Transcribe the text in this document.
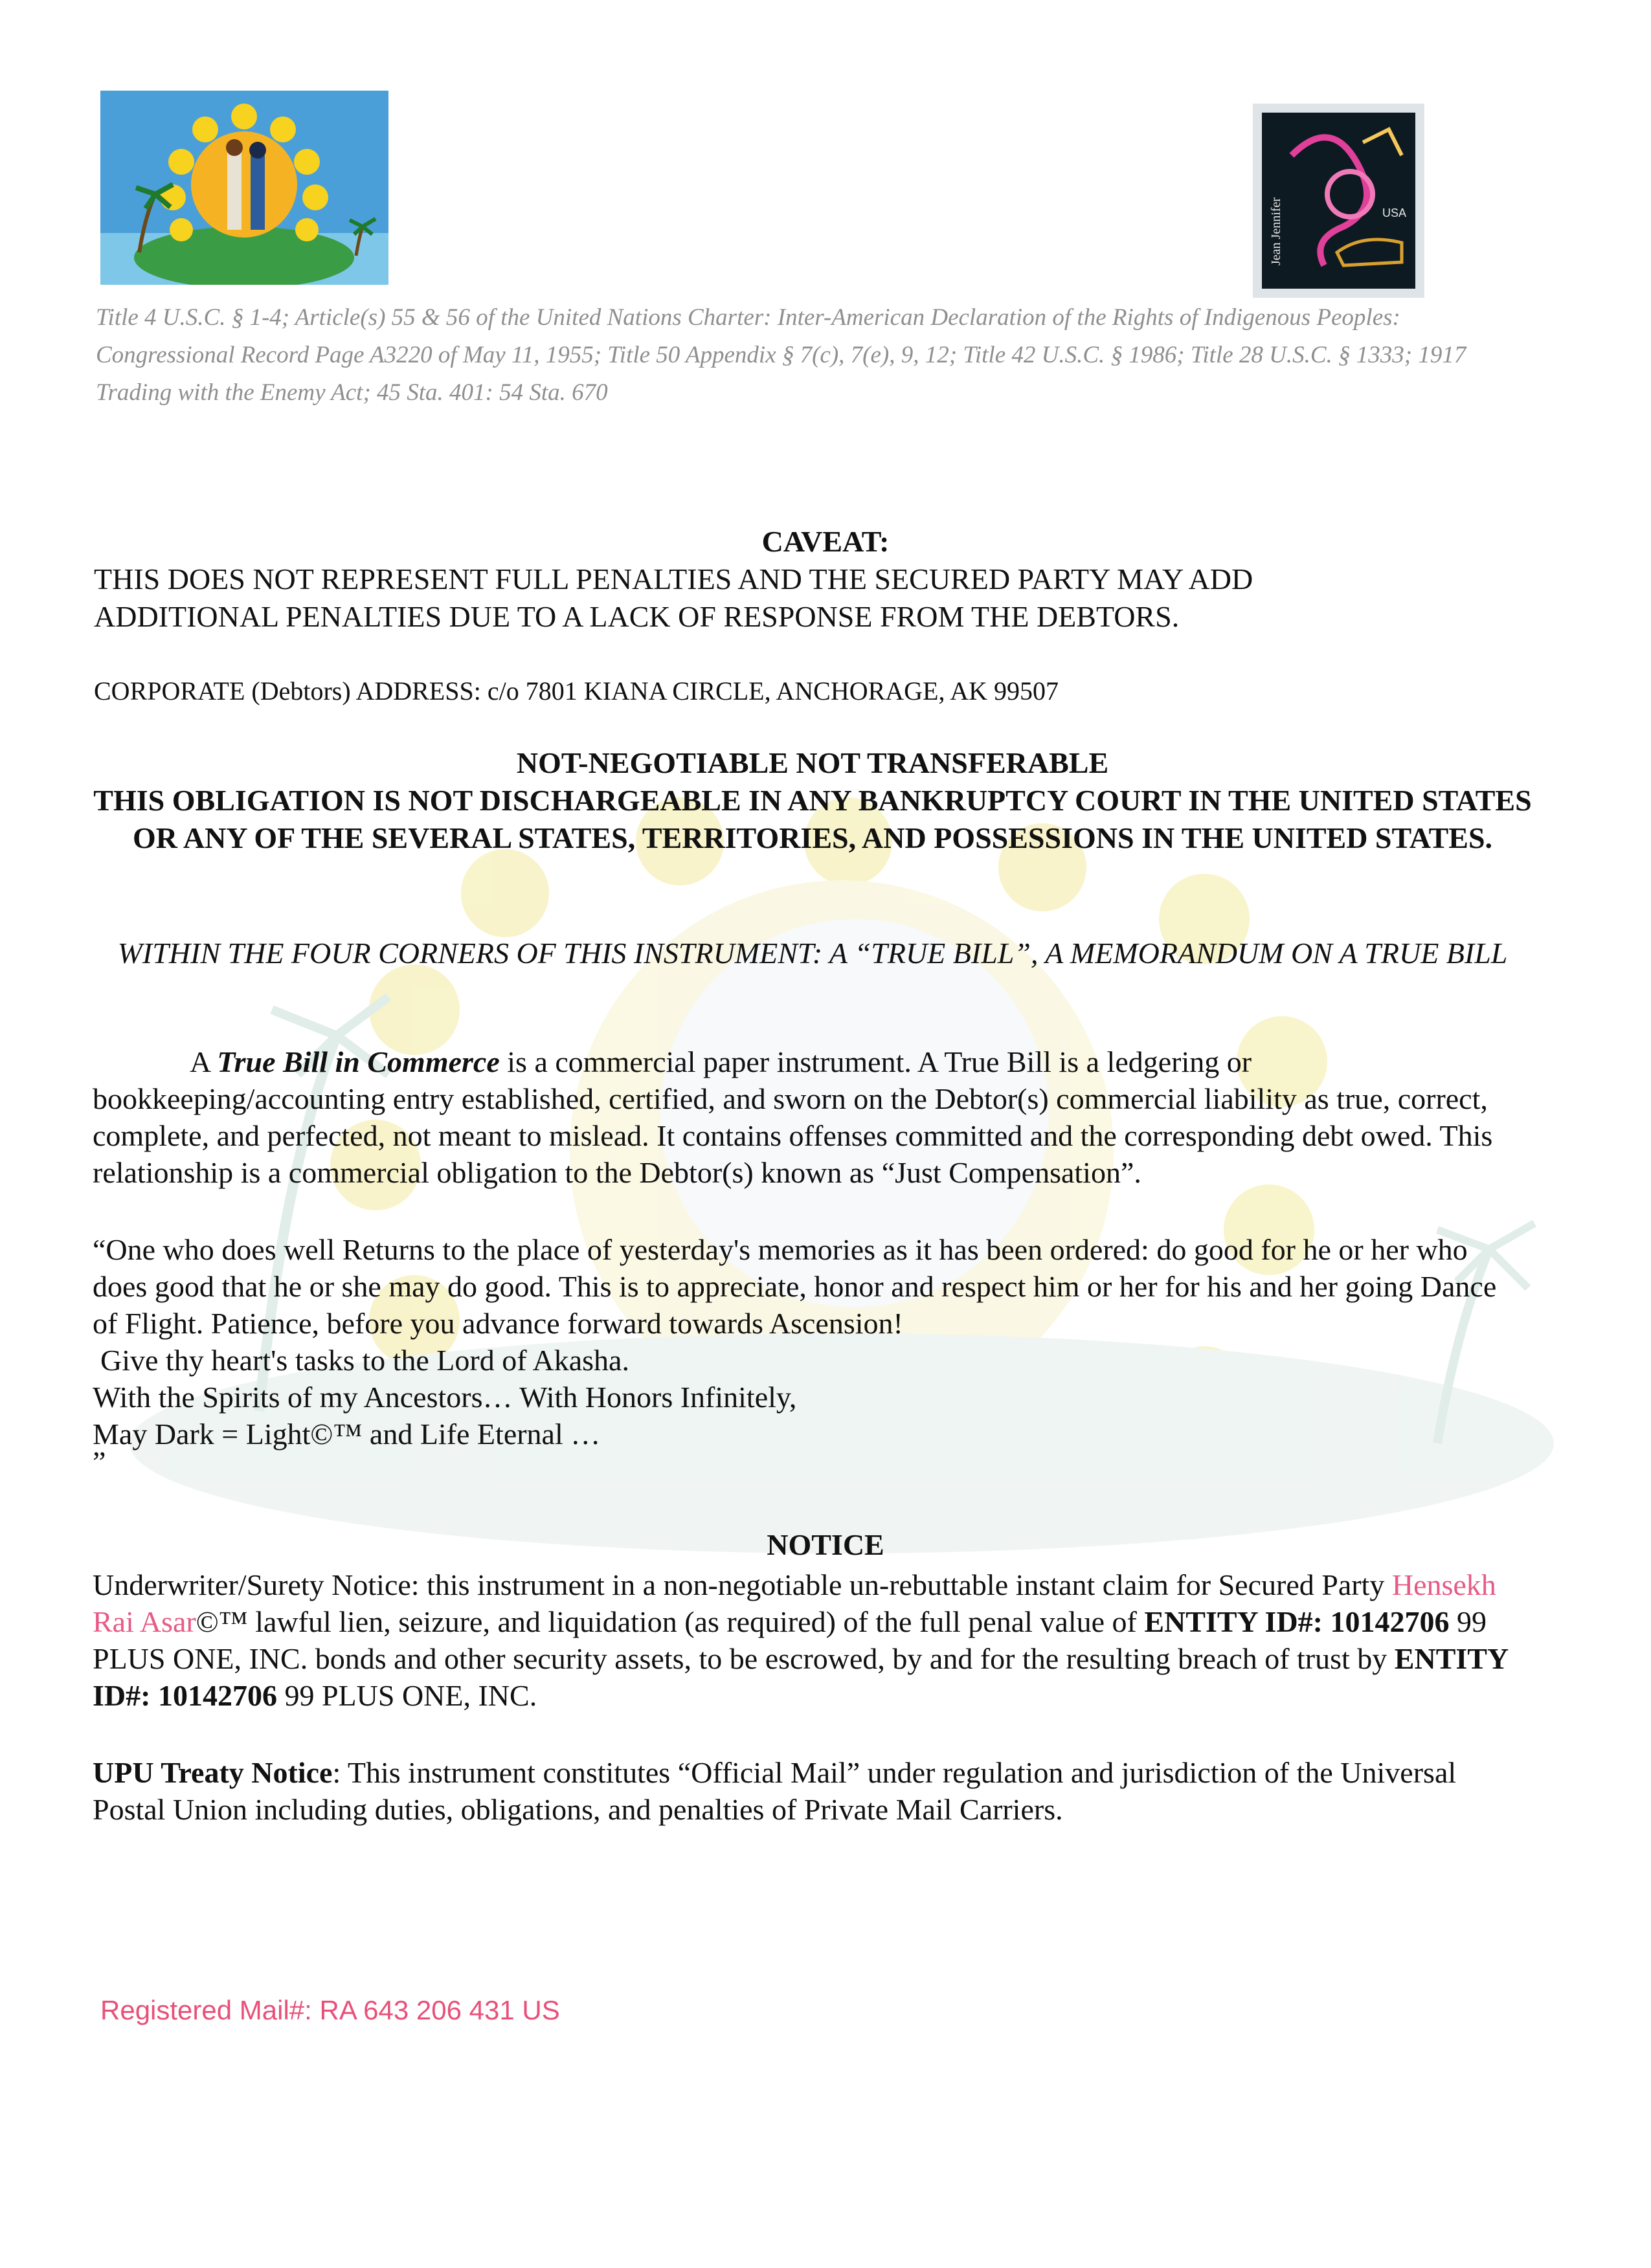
Jean Jennifer	USA
Title 4 U.S.C. § 1-4; Article(s) 55 & 56 of the United Nations Charter: Inter-American Declaration of the Rights of Indigenous Peoples: Congressional Record Page A3220 of May 11, 1955; Title 50 Appendix § 7(c), 7(e), 9, 12; Title 42 U.S.C. § 1986; Title 28 U.S.C. § 1333; 1917 Trading with the Enemy Act; 45 Sta. 401: 54 Sta. 670
CAVEAT:
THIS DOES NOT REPRESENT FULL PENALTIES AND THE SECURED PARTY MAY ADD ADDITIONAL PENALTIES DUE TO A LACK OF RESPONSE FROM THE DEBTORS.
CORPORATE (Debtors) ADDRESS: c/o 7801 KIANA CIRCLE, ANCHORAGE, AK 99507
NOT-NEGOTIABLE NOT TRANSFERABLE
THIS OBLIGATION IS NOT DISCHARGEABLE IN ANY BANKRUPTCY COURT IN THE UNITED STATES OR ANY OF THE SEVERAL STATES, TERRITORIES, AND POSSESSIONS IN THE UNITED STATES.
WITHIN THE FOUR CORNERS OF THIS INSTRUMENT: A “TRUE BILL”, A MEMORANDUM ON A TRUE BILL
A True Bill in Commerce is a commercial paper instrument. A True Bill is a ledgering or bookkeeping/accounting entry established, certified, and sworn on the Debtor(s) commercial liability as true, correct, complete, and perfected, not meant to mislead. It contains offenses committed and the corresponding debt owed. This relationship is a commercial obligation to the Debtor(s) known as “Just Compensation”.
“One who does well Returns to the place of yesterday's memories as it has been ordered: do good for he or her who does good that he or she may do good. This is to appreciate, honor and respect him or her for his and her going Dance of Flight. Patience, before you advance forward towards Ascension!
Give thy heart's tasks to the Lord of Akasha.
With the Spirits of my Ancestors… With Honors Infinitely,
May Dark = Light©™ and Life Eternal …
”
NOTICE
Underwriter/Surety Notice: this instrument in a non-negotiable un-rebuttable instant claim for Secured Party Hensekh Rai Asar©™ lawful lien, seizure, and liquidation (as required) of the full penal value of ENTITY ID#: 10142706 99 PLUS ONE, INC. bonds and other security assets, to be escrowed, by and for the resulting breach of trust by ENTITY ID#: 10142706 99 PLUS ONE, INC.
UPU Treaty Notice: This instrument constitutes “Official Mail” under regulation and jurisdiction of the Universal Postal Union including duties, obligations, and penalties of Private Mail Carriers.
Registered Mail#: RA 643 206 431 US
